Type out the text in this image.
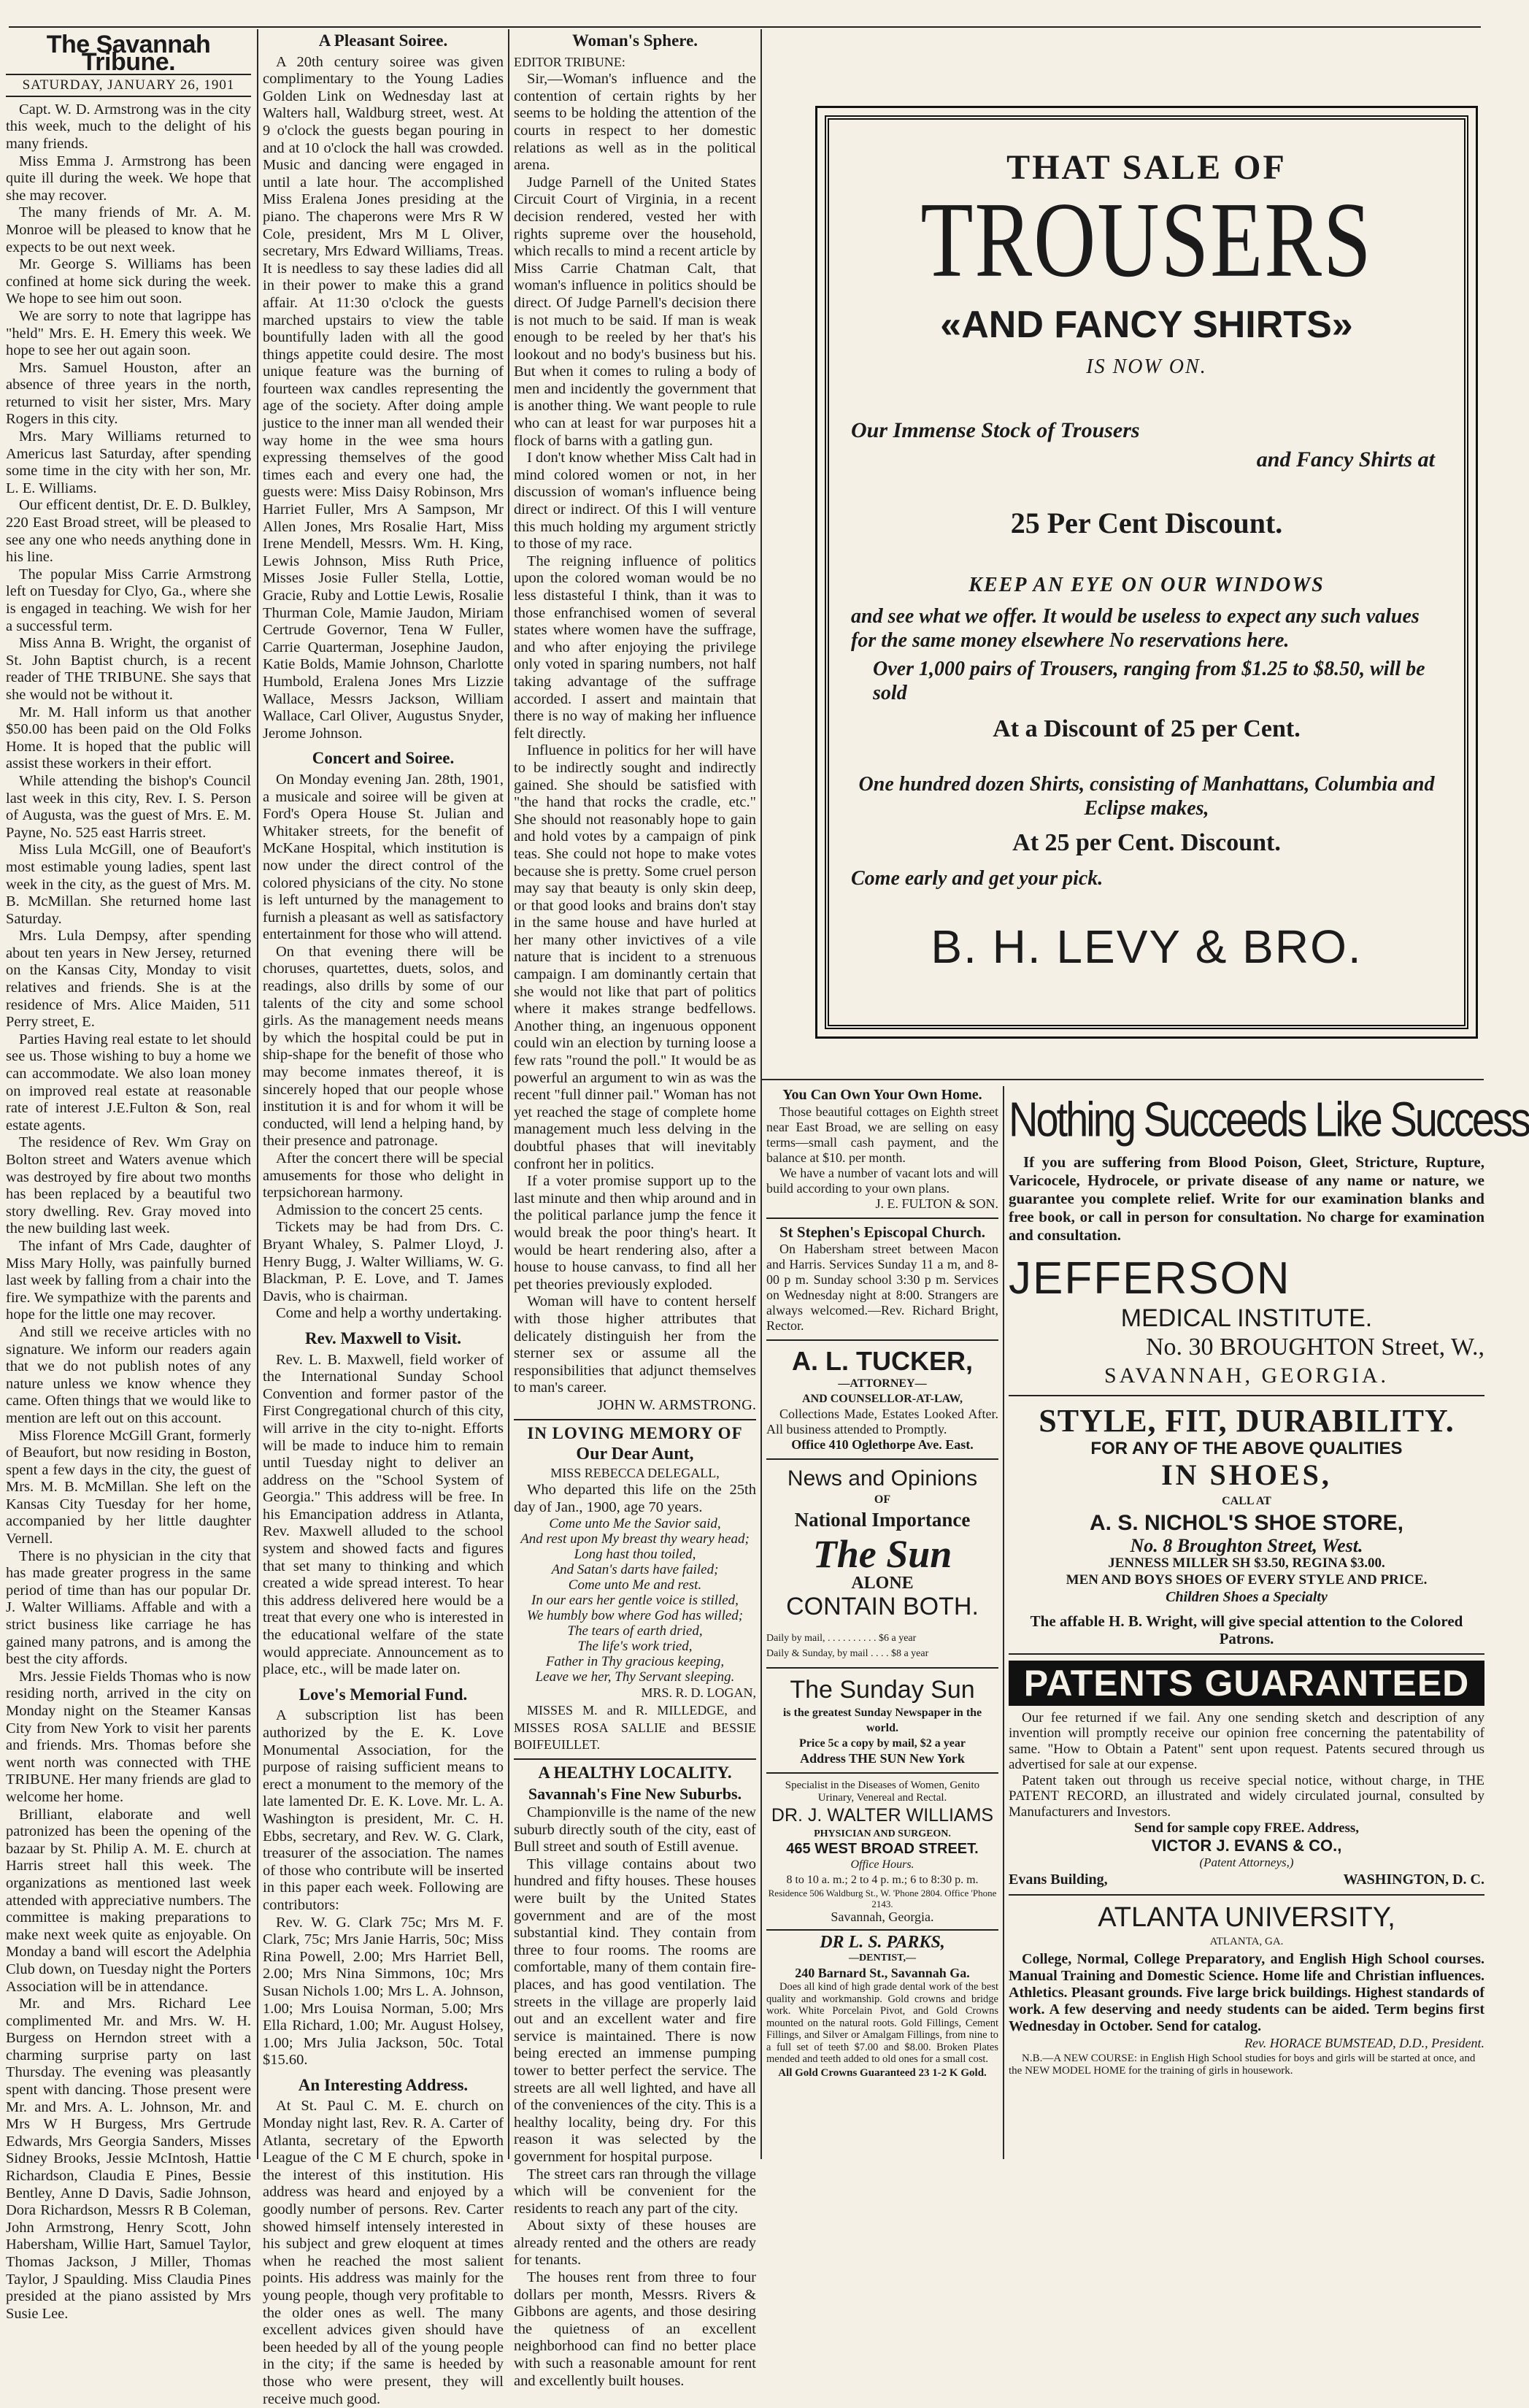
The Savannah Tribune.
SATURDAY, JANUARY 26, 1901

Capt. W. D. Armstrong was in the city this week, much to the delight of his many friends.

Miss Emma J. Armstrong has been quite ill during the week. We hope that she may recover.

The many friends of Mr. A. M. Monroe will be pleased to know that he expects to be out next week.

Mr. George S. Williams has been confined at home sick during the week. We hope to see him out soon.

We are sorry to note that lagrippe has "held" Mrs. E. H. Emery this week. We hope to see her out again soon.

Mrs. Samuel Houston, after an absence of three years in the north, returned to visit her sister, Mrs. Mary Rogers in this city.

Mrs. Mary Williams returned to Americus last Saturday, after spending some time in the city with her son, Mr. L. E. Williams.

Our efficent dentist, Dr. E. D. Bulkley, 220 East Broad street, will be pleased to see any one who needs anything done in his line.

The popular Miss Carrie Armstrong left on Tuesday for Clyo, Ga., where she is engaged in teaching. We wish for her a successful term.

Miss Anna B. Wright, the organist of St. John Baptist church, is a recent reader of THE TRIBUNE. She says that she would not be without it.

Mr. M. Hall inform us that another $50.00 has been paid on the Old Folks Home. It is hoped that the public will assist these workers in their effort.

While attending the bishop's Council last week in this city, Rev. I. S. Person of Augusta, was the guest of Mrs. E. M. Payne, No. 525 east Harris street.

Miss Lula McGill, one of Beaufort's most estimable young ladies, spent last week in the city, as the guest of Mrs. M. B. McMillan. She returned home last Saturday.

Mrs. Lula Dempsy, after spending about ten years in New Jersey, returned on the Kansas City, Monday to visit relatives and friends. She is at the residence of Mrs. Alice Maiden, 511 Perry street, E.

Parties Having real estate to let should see us. Those wishing to buy a home we can accommodate. We also loan money on improved real estate at reasonable rate of interest J.E.Fulton & Son, real estate agents.

The residence of Rev. Wm Gray on Bolton street and Waters avenue which was destroyed by fire about two months has been replaced by a beautiful two story dwelling. Rev. Gray moved into the new building last week.

The infant of Mrs Cade, daughter of Miss Mary Holly, was painfully burned last week by falling from a chair into the fire. We sympathize with the parents and hope for the little one may recover.

And still we receive articles with no signature. We inform our readers again that we do not publish notes of any nature unless we know whence they came. Often things that we would like to mention are left out on this account.

Miss Florence McGill Grant, formerly of Beaufort, but now residing in Boston, spent a few days in the city, the guest of Mrs. M. B. McMillan. She left on the Kansas City Tuesday for her home, accompanied by her little daughter Vernell.

There is no physician in the city that has made greater progress in the same period of time than has our popular Dr. J. Walter Williams. Affable and with a strict business like carriage he has gained many patrons, and is among the best the city affords.

Mrs. Jessie Fields Thomas who is now residing north, arrived in the city on Monday night on the Steamer Kansas City from New York to visit her parents and friends. Mrs. Thomas before she went north was connected with THE TRIBUNE. Her many friends are glad to welcome her home.

Brilliant, elaborate and well patronized has been the opening of the bazaar by St. Philip A. M. E. church at Harris street hall this week. The organizations as mentioned last week attended with appreciative numbers. The committee is making preparations to make next week quite as enjoyable. On Monday a band will escort the Adelphia Club down, on Tuesday night the Porters Association will be in attendance.

Mr. and Mrs. Richard Lee complimented Mr. and Mrs. W. H. Burgess on Herndon street with a charming surprise party on last Thursday. The evening was pleasantly spent with dancing. Those present were Mr. and Mrs. A. L. Johnson, Mr. and Mrs W H Burgess, Mrs Gertrude Edwards, Mrs Georgia Sanders, Misses Sidney Brooks, Jessie McIntosh, Hattie Richardson, Claudia E Pines, Bessie Bentley, Anne D Davis, Sadie Johnson, Dora Richardson, Messrs R B Coleman, John Armstrong, Henry Scott, John Habersham, Willie Hart, Samuel Taylor, Thomas Jackson, J Miller, Thomas Taylor, J Spaulding. Miss Claudia Pines presided at the piano assisted by Mrs Susie Lee.

A Pleasant Soiree.

A 20th century soiree was given complimentary to the Young Ladies Golden Link on Wednesday last at Walters hall, Waldburg street, west. At 9 o'clock the guests began pouring in and at 10 o'clock the hall was crowded. Music and dancing were engaged in until a late hour. The accomplished Miss Eralena Jones presiding at the piano. The chaperons were Mrs R W Cole, president, Mrs M L Oliver, secretary, Mrs Edward Williams, Treas. It is needless to say these ladies did all in their power to make this a grand affair. At 11:30 o'clock the guests marched upstairs to view the table bountifully laden with all the good things appetite could desire. The most unique feature was the burning of fourteen wax candles representing the age of the society. After doing ample justice to the inner man all wended their way home in the wee sma hours expressing themselves of the good times each and every one had, the guests were: Miss Daisy Robinson, Mrs Harriet Fuller, Mrs A Sampson, Mr Allen Jones, Mrs Rosalie Hart, Miss Irene Mendell, Messrs. Wm. H. King, Lewis Johnson, Miss Ruth Price, Misses Josie Fuller Stella, Lottie, Gracie, Ruby and Lottie Lewis, Rosalie Thurman Cole, Mamie Jaudon, Miriam Certrude Governor, Tena W Fuller, Carrie Quarterman, Josephine Jaudon, Katie Bolds, Mamie Johnson, Charlotte Humbold, Eralena Jones Mrs Lizzie Wallace, Messrs Jackson, William Wallace, Carl Oliver, Augustus Snyder, Jerome Johnson.

Concert and Soiree.

On Monday evening Jan. 28th, 1901, a musicale and soiree will be given at Ford's Opera House St. Julian and Whitaker streets, for the benefit of McKane Hospital, which institution is now under the direct control of the colored physicians of the city. No stone is left unturned by the management to furnish a pleasant as well as satisfactory entertainment for those who will attend.

On that evening there will be choruses, quartettes, duets, solos, and readings, also drills by some of our talents of the city and some school girls. As the management needs means by which the hospital could be put in ship-shape for the benefit of those who may become inmates thereof, it is sincerely hoped that our people whose institution it is and for whom it will be conducted, will lend a helping hand, by their presence and patronage.

After the concert there will be special amusements for those who delight in terpsichorean harmony.

Admission to the concert 25 cents.

Tickets may be had from Drs. C. Bryant Whaley, S. Palmer Lloyd, J. Henry Bugg, J. Walter Williams, W. G. Blackman, P. E. Love, and T. James Davis, who is chairman.

Come and help a worthy undertaking.

Rev. Maxwell to Visit.

Rev. L. B. Maxwell, field worker of the International Sunday School Convention and former pastor of the First Congregational church of this city, will arrive in the city to-night. Efforts will be made to induce him to remain until Tuesday night to deliver an address on the "School System of Georgia." This address will be free. In his Emancipation address in Atlanta, Rev. Maxwell alluded to the school system and showed facts and figures that set many to thinking and which created a wide spread interest. To hear this address delivered here would be a treat that every one who is interested in the educational welfare of the state would appreciate. Announcement as to place, etc., will be made later on.

Love's Memorial Fund.

A subscription list has been authorized by the E. K. Love Monumental Association, for the purpose of raising sufficient means to erect a monument to the memory of the late lamented Dr. E. K. Love. Mr. L. A. Washington is president, Mr. C. H. Ebbs, secretary, and Rev. W. G. Clark, treasurer of the association. The names of those who contribute will be inserted in this paper each week. Following are contributors:

Rev. W. G. Clark 75c; Mrs M. F. Clark, 75c; Mrs Janie Harris, 50c; Miss Rina Powell, 2.00; Mrs Harriet Bell, 2.00; Mrs Nina Simmons, 10c; Mrs Susan Nichols 1.00; Mrs L. A. Johnson, 1.00; Mrs Louisa Norman, 5.00; Mrs Ella Richard, 1.00; Mr. August Holsey, 1.00; Mrs Julia Jackson, 50c. Total $15.60.

An Interesting Address.

At St. Paul C. M. E. church on Monday night last, Rev. R. A. Carter of Atlanta, secretary of the Epworth League of the C M E church, spoke in the interest of this institution. His address was heard and enjoyed by a goodly number of persons. Rev. Carter showed himself intensely interested in his subject and grew eloquent at times when he reached the most salient points. His address was mainly for the young people, though very profitable to the older ones as well. The many excellent advices given should have been heeded by all of the young people in the city; if the same is heeded by those who were present, they will receive much good.

Woman's Sphere.

EDITOR TRIBUNE:

Sir,—Woman's influence and the contention of certain rights by her seems to be holding the attention of the courts in respect to her domestic relations as well as in the political arena.

Judge Parnell of the United States Circuit Court of Virginia, in a recent decision rendered, vested her with rights supreme over the household, which recalls to mind a recent article by Miss Carrie Chatman Calt, that woman's influence in politics should be direct. Of Judge Parnell's decision there is not much to be said. If man is weak enough to be reeled by her that's his lookout and no body's business but his. But when it comes to ruling a body of men and incidently the government that is another thing. We want people to rule who can at least for war purposes hit a flock of barns with a gatling gun.

I don't know whether Miss Calt had in mind colored women or not, in her discussion of woman's influence being direct or indirect. Of this I will venture this much holding my argument strictly to those of my race.

The reigning influence of politics upon the colored woman would be no less distasteful I think, than it was to those enfranchised women of several states where women have the suffrage, and who after enjoying the privilege only voted in sparing numbers, not half taking advantage of the suffrage accorded. I assert and maintain that there is no way of making her influence felt directly.

Influence in politics for her will have to be indirectly sought and indirectly gained. She should be satisfied with "the hand that rocks the cradle, etc." She should not reasonably hope to gain and hold votes by a campaign of pink teas. She could not hope to make votes because she is pretty. Some cruel person may say that beauty is only skin deep, or that good looks and brains don't stay in the same house and have hurled at her many other invictives of a vile nature that is incident to a strenuous campaign. I am dominantly certain that she would not like that part of politics where it makes strange bedfellows. Another thing, an ingenuous opponent could win an election by turning loose a few rats "round the poll." It would be as powerful an argument to win as was the recent "full dinner pail." Woman has not yet reached the stage of complete home management much less delving in the doubtful phases that will inevitably confront her in politics.

If a voter promise support up to the last minute and then whip around and in the political parlance jump the fence it would break the poor thing's heart. It would be heart rendering also, after a house to house canvass, to find all her pet theories previously exploded.

Woman will have to content herself with those higher attributes that delicately distinguish her from the sterner sex or assume all the responsibilities that adjunct themselves to man's career.

JOHN W. ARMSTRONG.

IN LOVING MEMORY OF
Our Dear Aunt,

MISS REBECCA DELEGALL,

Who departed this life on the 25th day of Jan., 1900, age 70 years.

Come unto Me the Savior said,

And rest upon My breast thy weary head;

Long hast thou toiled,

And Satan's darts have failed;

Come unto Me and rest.

In our ears her gentle voice is stilled,

We humbly bow where God has willed;

The tears of earth dried,

The life's work tried,

Father in Thy gracious keeping,

Leave we her, Thy Servant sleeping.

MRS. R. D. LOGAN,

MISSES M. and R. MILLEDGE, and MISSES ROSA SALLIE and BESSIE BOIFEUILLET.

A HEALTHY LOCALITY.
Savannah's Fine New Suburbs.

Championville is the name of the new suburb directly south of the city, east of Bull street and south of Estill avenue.

This village contains about two hundred and fifty houses. These houses were built by the United States government and are of the most substantial kind. They contain from three to four rooms. The rooms are comfortable, many of them contain fire-places, and has good ventilation. The streets in the village are properly laid out and an excellent water and fire service is maintained. There is now being erected an immense pumping tower to better perfect the service. The streets are all well lighted, and have all of the conveniences of the city. This is a healthy locality, being dry. For this reason it was selected by the government for hospital purpose.

The street cars ran through the village which will be convenient for the residents to reach any part of the city.

About sixty of these houses are already rented and the others are ready for tenants.

The houses rent from three to four dollars per month, Messrs. Rivers & Gibbons are agents, and those desiring the quietness of an excellent neighborhood can find no better place with such a reasonable amount for rent and excellently built houses.

THAT SALE OF
TROUSERS
«AND FANCY SHIRTS»
IS NOW ON.
Our Immense Stock of Trousers
and Fancy Shirts at
25 Per Cent Discount.
KEEP AN EYE ON OUR WINDOWS
and see what we offer. It would be useless to expect any such values for the same money elsewhere No reservations here.
Over 1,000 pairs of Trousers, ranging from $1.25 to $8.50, will be sold
At a Discount of 25 per Cent.
One hundred dozen Shirts, consisting of Manhattans, Columbia and Eclipse makes,
At 25 per Cent. Discount.
Come early and get your pick.
B. H. LEVY & BRO.
You Can Own Your Own Home.

Those beautiful cottages on Eighth street near East Broad, we are selling on easy terms—small cash payment, and the balance at $10. per month.

We have a number of vacant lots and will build according to your own plans.

J. E. FULTON & SON.

St Stephen's Episcopal Church.

On Habersham street between Macon and Harris. Services Sunday 11 a m, and 8-00 p m. Sunday school 3:30 p m. Services on Wednesday night at 8:00. Strangers are always welcomed.—Rev. Richard Bright, Rector.

A. L. TUCKER,
—ATTORNEY—
AND COUNSELLOR-AT-LAW,

Collections Made, Estates Looked After. All business attended to Promptly.

Office 410 Oglethorpe Ave. East.
News and Opinions
OF
National Importance
The Sun
ALONE
CONTAIN BOTH.

Daily by mail, . . . . . . . . . . $6 a year

Daily & Sunday, by mail . . . . $8 a year

The Sunday Sun
is the greatest Sunday Newspaper in the world.
Price 5c a copy by mail, $2 a year
Address THE SUN New York

Specialist in the Diseases of Women, Genito Urinary, Venereal and Rectal.

DR. J. WALTER WILLIAMS
PHYSICIAN AND SURGEON.
465 WEST BROAD STREET.
Office Hours.
8 to 10 a. m.; 2 to 4 p. m.; 6 to 8:30 p. m.

Residence 506 Waldburg St., W. 'Phone 2804. Office 'Phone 2143.

Savannah, Georgia.
DR L. S. PARKS,
—DENTIST,—
240 Barnard St., Savannah Ga.

Does all kind of high grade dental work of the best quality and workmanship. Gold crowns and bridge work. White Porcelain Pivot, and Gold Crowns mounted on the natural roots. Gold Fillings, Cement Fillings, and Silver or Amalgam Fillings, from nine to a full set of teeth $7.00 and $8.00. Broken Plates mended and teeth added to old ones for a small cost.

All Gold Crowns Guaranteed 23 1-2 K Gold.

Nothing Succeeds Like Success

If you are suffering from Blood Poison, Gleet, Stricture, Rupture, Varicocele, Hydrocele, or private disease of any name or nature, we guarantee you complete relief. Write for our examination blanks and free book, or call in person for consultation. No charge for examination and consultation.

JEFFERSON
MEDICAL INSTITUTE.
No. 30 BROUGHTON Street, W.,
SAVANNAH, GEORGIA.
STYLE, FIT, DURABILITY.
FOR ANY OF THE ABOVE QUALITIES
IN SHOES,
CALL AT
A. S. NICHOL'S SHOE STORE,
No. 8 Broughton Street, West.
JENNESS MILLER SH $3.50, REGINA $3.00.
MEN AND BOYS SHOES OF EVERY STYLE AND PRICE.
Children Shoes a Specialty

The affable H. B. Wright, will give special attention to the Colored Patrons.

PATENTS GUARANTEED

Our fee returned if we fail. Any one sending sketch and description of any invention will promptly receive our opinion free concerning the patentability of same. "How to Obtain a Patent" sent upon request. Patents secured through us advertised for sale at our expense.

Patent taken out through us receive special notice, without charge, in THE PATENT RECORD, an illustrated and widely circulated journal, consulted by Manufacturers and Investors.

Send for sample copy FREE. Address,
VICTOR J. EVANS & CO.,
(Patent Attorneys,)
Evans Building,	WASHINGTON, D. C.
ATLANTA UNIVERSITY,
ATLANTA, GA.

College, Normal, College Preparatory, and English High School courses. Manual Training and Domestic Science. Home life and Christian influences. Athletics. Pleasant grounds. Five large brick buildings. Highest standards of work. A few deserving and needy students can be aided. Term begins first Wednesday in October. Send for catalog.

Rev. HORACE BUMSTEAD, D.D., President.

N.B.—A NEW COURSE: in English High School studies for boys and girls will be started at once, and the NEW MODEL HOME for the training of girls in housework.
